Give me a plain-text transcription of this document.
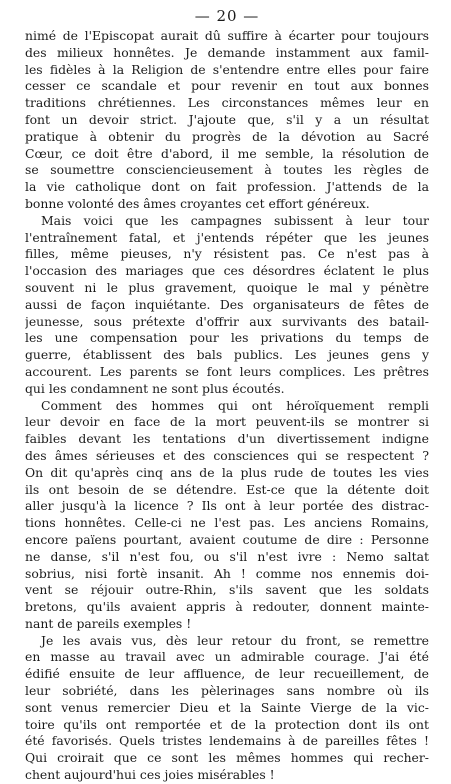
— 20 —
nimé de l'Episcopat aurait dû suffire à écarter pour toujours
des milieux honnêtes. Je demande instamment aux famil-
les fidèles à la Religion de s'entendre entre elles pour faire
cesser ce scandale et pour revenir en tout aux bonnes
traditions chrétiennes. Les circonstances mêmes leur en
font un devoir strict. J'ajoute que, s'il y a un résultat
pratique à obtenir du progrès de la dévotion au Sacré
Cœur, ce doit être d'abord, il me semble, la résolution de
se soumettre consciencieusement à toutes les règles de
la vie catholique dont on fait profession. J'attends de la
bonne volonté des âmes croyantes cet effort généreux.
Mais voici que les campagnes subissent à leur tour
l'entraînement fatal, et j'entends répéter que les jeunes
filles, même pieuses, n'y résistent pas. Ce n'est pas à
l'occasion des mariages que ces désordres éclatent le plus
souvent ni le plus gravement, quoique le mal y pénètre
aussi de façon inquiétante. Des organisateurs de fêtes de
jeunesse, sous prétexte d'offrir aux survivants des batail-
les une compensation pour les privations du temps de
guerre, établissent des bals publics. Les jeunes gens y
accourent. Les parents se font leurs complices. Les prêtres
qui les condamnent ne sont plus écoutés.
Comment des hommes qui ont héroïquement rempli
leur devoir en face de la mort peuvent-ils se montrer si
faibles devant les tentations d'un divertissement indigne
des âmes sérieuses et des consciences qui se respectent ?
On dit qu'après cinq ans de la plus rude de toutes les vies
ils ont besoin de se détendre. Est-ce que la détente doit
aller jusqu'à la licence ? Ils ont à leur portée des distrac-
tions honnêtes. Celle-ci ne l'est pas. Les anciens Romains,
encore païens pourtant, avaient coutume de dire : Personne
ne danse, s'il n'est fou, ou s'il n'est ivre : Nemo saltat
sobrius, nisi fortè insanit. Ah ! comme nos ennemis doi-
vent se réjouir outre-Rhin, s'ils savent que les soldats
bretons, qu'ils avaient appris à redouter, donnent mainte-
nant de pareils exemples !
Je les avais vus, dès leur retour du front, se remettre
en masse au travail avec un admirable courage. J'ai été
édifié ensuite de leur affluence, de leur recueillement, de
leur sobriété, dans les pèlerinages sans nombre où ils
sont venus remercier Dieu et la Sainte Vierge de la vic-
toire qu'ils ont remportée et de la protection dont ils ont
été favorisés. Quels tristes lendemains à de pareilles fêtes !
Qui croirait que ce sont les mêmes hommes qui recher-
chent aujourd'hui ces joies misérables !
